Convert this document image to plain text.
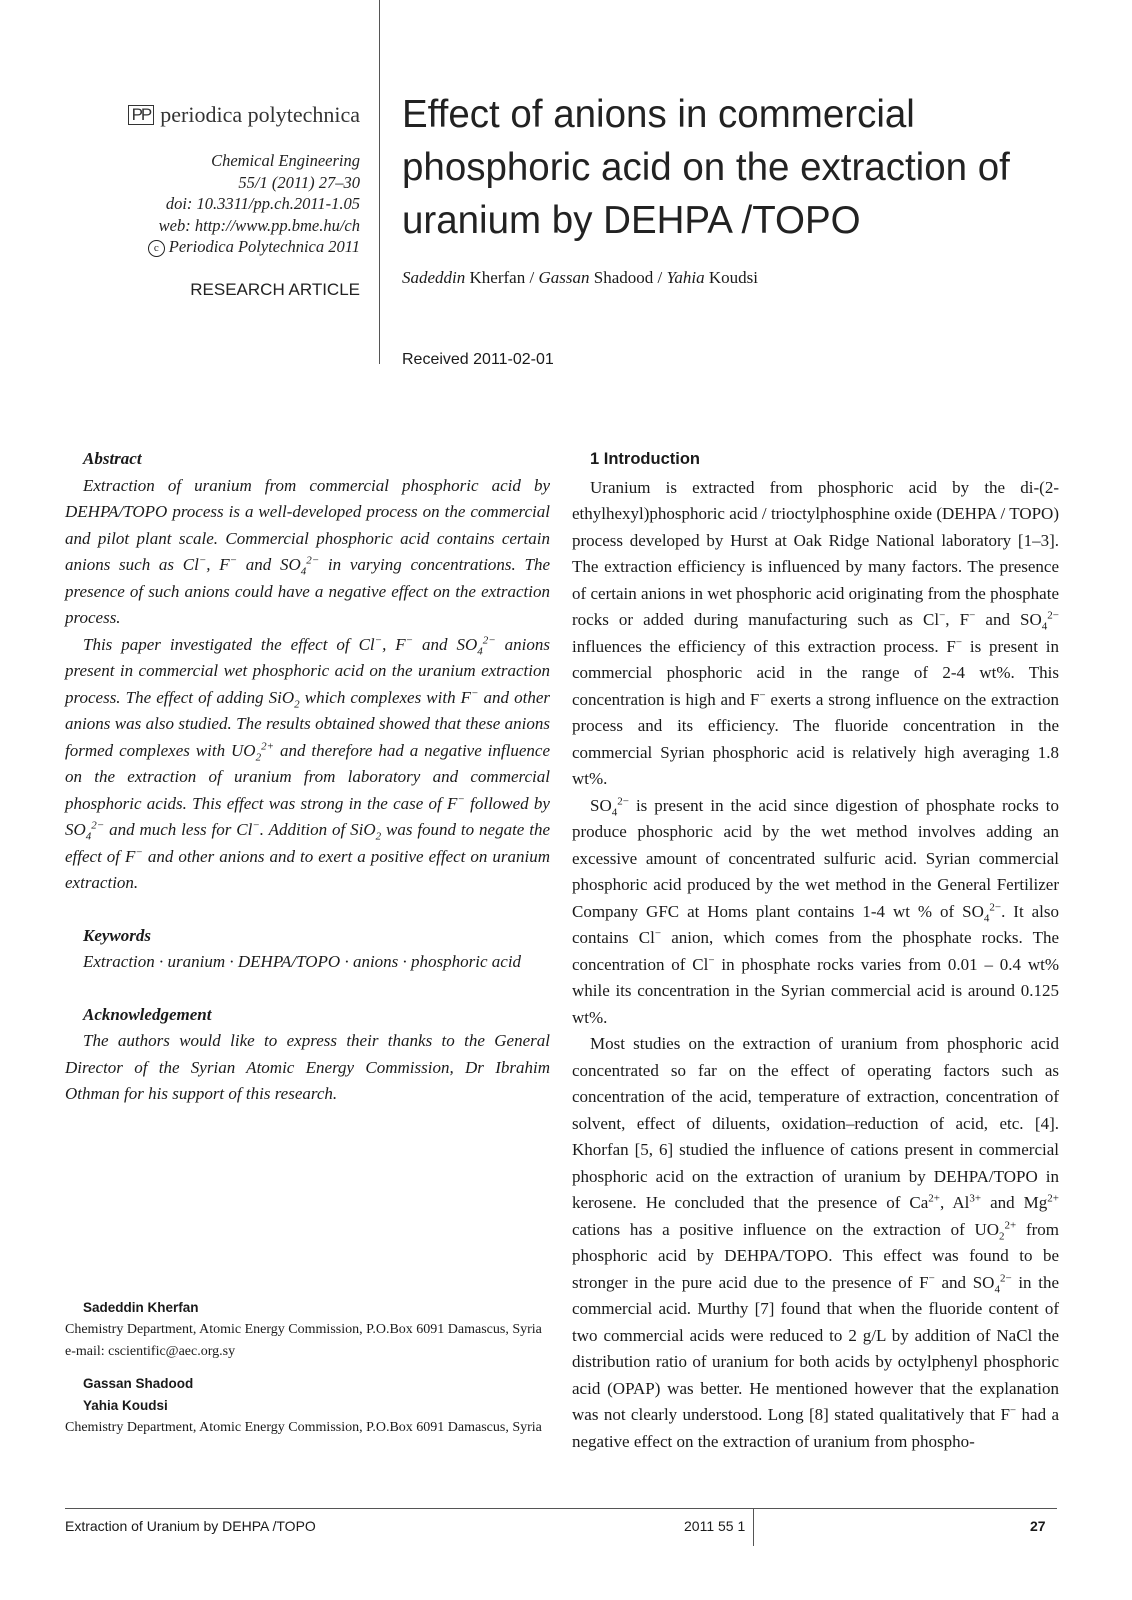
PP periodica polytechnica
Chemical Engineering
55/1 (2011) 27–30
doi: 10.3311/pp.ch.2011-1.05
web: http://www.pp.bme.hu/ch
c Periodica Polytechnica 2011
RESEARCH ARTICLE
Effect of anions in commercial phosphoric acid on the extraction of uranium by DEHPA /TOPO
Sadeddin Kherfan / Gassan Shadood / Yahia Koudsi
Received 2011-02-01
Abstract

Extraction of uranium from commercial phosphoric acid by DEHPA/TOPO process is a well-developed process on the commercial and pilot plant scale. Commercial phosphoric acid contains certain anions such as Cl−, F− and $SO_4^{2-}$ in varying concentrations. The presence of such anions could have a negative effect on the extraction process.

This paper investigated the effect of Cl−, F− and $SO_4^{2-}$ anions present in commercial wet phosphoric acid on the uranium extraction process. The effect of adding SiO$_2$ which complexes with F− and other anions was also studied. The results obtained showed that these anions formed complexes with $UO_2^{2+}$ and therefore had a negative influence on the extraction of uranium from laboratory and commercial phosphoric acids. This effect was strong in the case of F− followed by $SO_4^{2-}$ and much less for Cl−. Addition of SiO$_2$ was found to negate the effect of F− and other anions and to exert a positive effect on uranium extraction.

Keywords

Extraction · uranium · DEHPA/TOPO · anions · phosphoric acid

Acknowledgement

The authors would like to express their thanks to the General Director of the Syrian Atomic Energy Commission, Dr Ibrahim Othman for his support of this research.

Sadeddin Kherfan
Chemistry Department, Atomic Energy Commission, P.O.Box 6091 Damascus, Syria
e-mail: cscientific@aec.org.sy
Gassan Shadood
Yahia Koudsi
Chemistry Department, Atomic Energy Commission, P.O.Box 6091 Damascus, Syria
1 Introduction

Uranium is extracted from phosphoric acid by the di-(2-ethylhexyl)phosphoric acid / trioctylphosphine oxide (DEHPA / TOPO) process developed by Hurst at Oak Ridge National laboratory [1–3]. The extraction efficiency is influenced by many factors. The presence of certain anions in wet phosphoric acid originating from the phosphate rocks or added during manufacturing such as Cl−, F− and $SO_4^{2-}$ influences the efficiency of this extraction process. F− is present in commercial phosphoric acid in the range of 2-4 wt%. This concentration is high and F− exerts a strong influence on the extraction process and its efficiency. The fluoride concentration in the commercial Syrian phosphoric acid is relatively high averaging 1.8 wt%.

$SO_4^{2-}$ is present in the acid since digestion of phosphate rocks to produce phosphoric acid by the wet method involves adding an excessive amount of concentrated sulfuric acid. Syrian commercial phosphoric acid produced by the wet method in the General Fertilizer Company GFC at Homs plant contains 1-4 wt % of $SO_4^{2-}$. It also contains Cl− anion, which comes from the phosphate rocks. The concentration of Cl− in phosphate rocks varies from 0.01 – 0.4 wt% while its concentration in the Syrian commercial acid is around 0.125 wt%.

Most studies on the extraction of uranium from phosphoric acid concentrated so far on the effect of operating factors such as concentration of the acid, temperature of extraction, concentration of solvent, effect of diluents, oxidation–reduction of acid, etc. [4]. Khorfan [5, 6] studied the influence of cations present in commercial phosphoric acid on the extraction of uranium by DEHPA/TOPO in kerosene. He concluded that the presence of $Ca^{2+}$, $Al^{3+}$ and $Mg^{2+}$ cations has a positive influence on the extraction of $UO_2^{2+}$ from phosphoric acid by DEHPA/TOPO. This effect was found to be stronger in the pure acid due to the presence of F− and $SO_4^{2-}$ in the commercial acid. Murthy [7] found that when the fluoride content of two commercial acids were reduced to 2 g/L by addition of NaCl the distribution ratio of uranium for both acids by octylphenyl phosphoric acid (OPAP) was better. He mentioned however that the explanation was not clearly understood. Long [8] stated qualitatively that F− had a negative effect on the extraction of uranium from phospho-

Extraction of Uranium by DEHPA /TOPO	2011 55 1	27
